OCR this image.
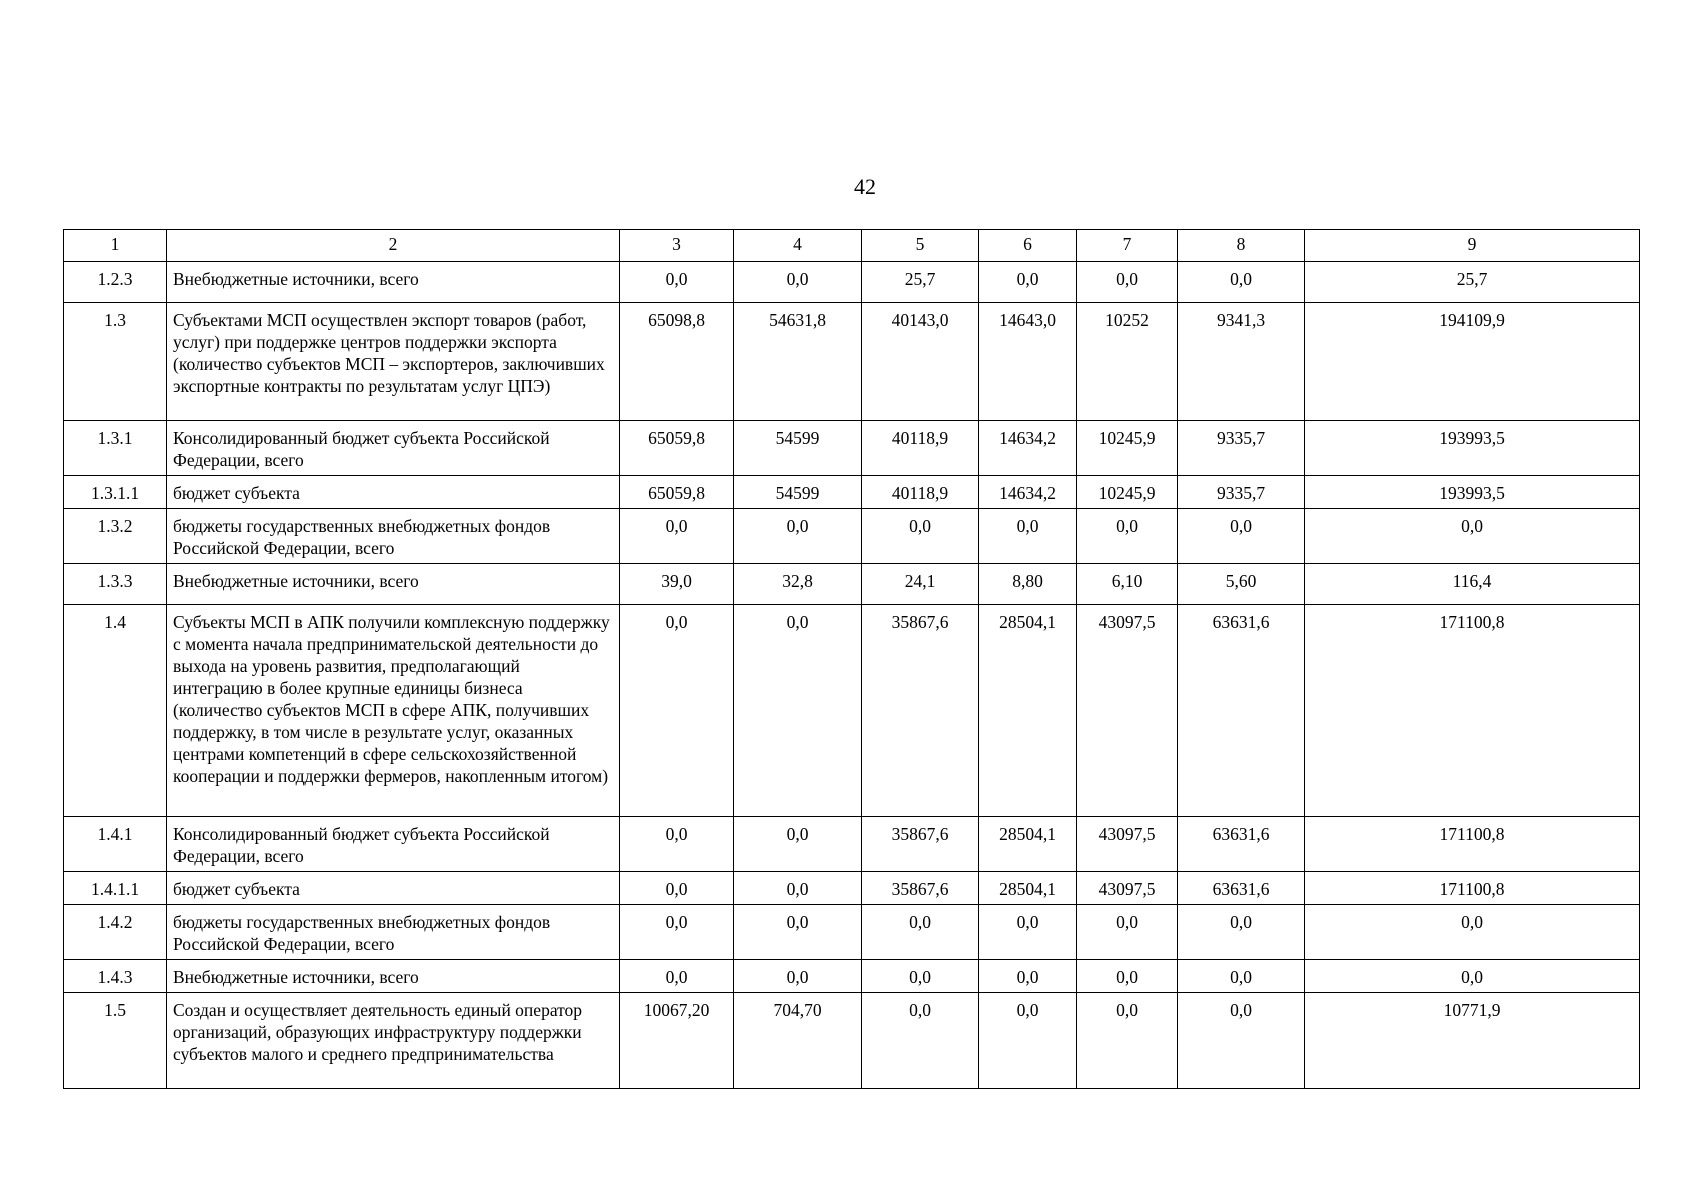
42
1	2	3	4	5	6	7	8	9
1.2.3	Внебюджетные источники, всего	0,0	0,0	25,7	0,0	0,0	0,0	25,7
1.3	Субъектами МСП осуществлен экспорт товаров (работ, услуг) при поддержке центров поддержки экспорта (количество субъектов МСП – экспортеров, заключивших экспортные контракты по результатам услуг ЦПЭ)	65098,8	54631,8	40143,0	14643,0	10252	9341,3	194109,9
1.3.1	Консолидированный бюджет субъекта Российской Федерации, всего	65059,8	54599	40118,9	14634,2	10245,9	9335,7	193993,5
1.3.1.1	бюджет субъекта	65059,8	54599	40118,9	14634,2	10245,9	9335,7	193993,5
1.3.2	бюджеты государственных внебюджетных фондов Российской Федерации, всего	0,0	0,0	0,0	0,0	0,0	0,0	0,0
1.3.3	Внебюджетные источники, всего	39,0	32,8	24,1	8,80	6,10	5,60	116,4
1.4	Субъекты МСП в АПК получили комплексную поддержку с момента начала предпринимательской деятельности до выхода на уровень развития, предполагающий интеграцию в более крупные единицы бизнеса (количество субъектов МСП в сфере АПК, получивших поддержку, в том числе в результате услуг, оказанных центрами компетенций в сфере сельскохозяйственной кооперации и поддержки фермеров, накопленным итогом)	0,0	0,0	35867,6	28504,1	43097,5	63631,6	171100,8
1.4.1	Консолидированный бюджет субъекта Российской Федерации, всего	0,0	0,0	35867,6	28504,1	43097,5	63631,6	171100,8
1.4.1.1	бюджет субъекта	0,0	0,0	35867,6	28504,1	43097,5	63631,6	171100,8
1.4.2	бюджеты государственных внебюджетных фондов Российской Федерации, всего	0,0	0,0	0,0	0,0	0,0	0,0	0,0
1.4.3	Внебюджетные источники, всего	0,0	0,0	0,0	0,0	0,0	0,0	0,0
1.5	Создан и осуществляет деятельность единый оператор организаций, образующих инфраструктуру поддержки субъектов малого и среднего предпринимательства	10067,20	704,70	0,0	0,0	0,0	0,0	10771,9
